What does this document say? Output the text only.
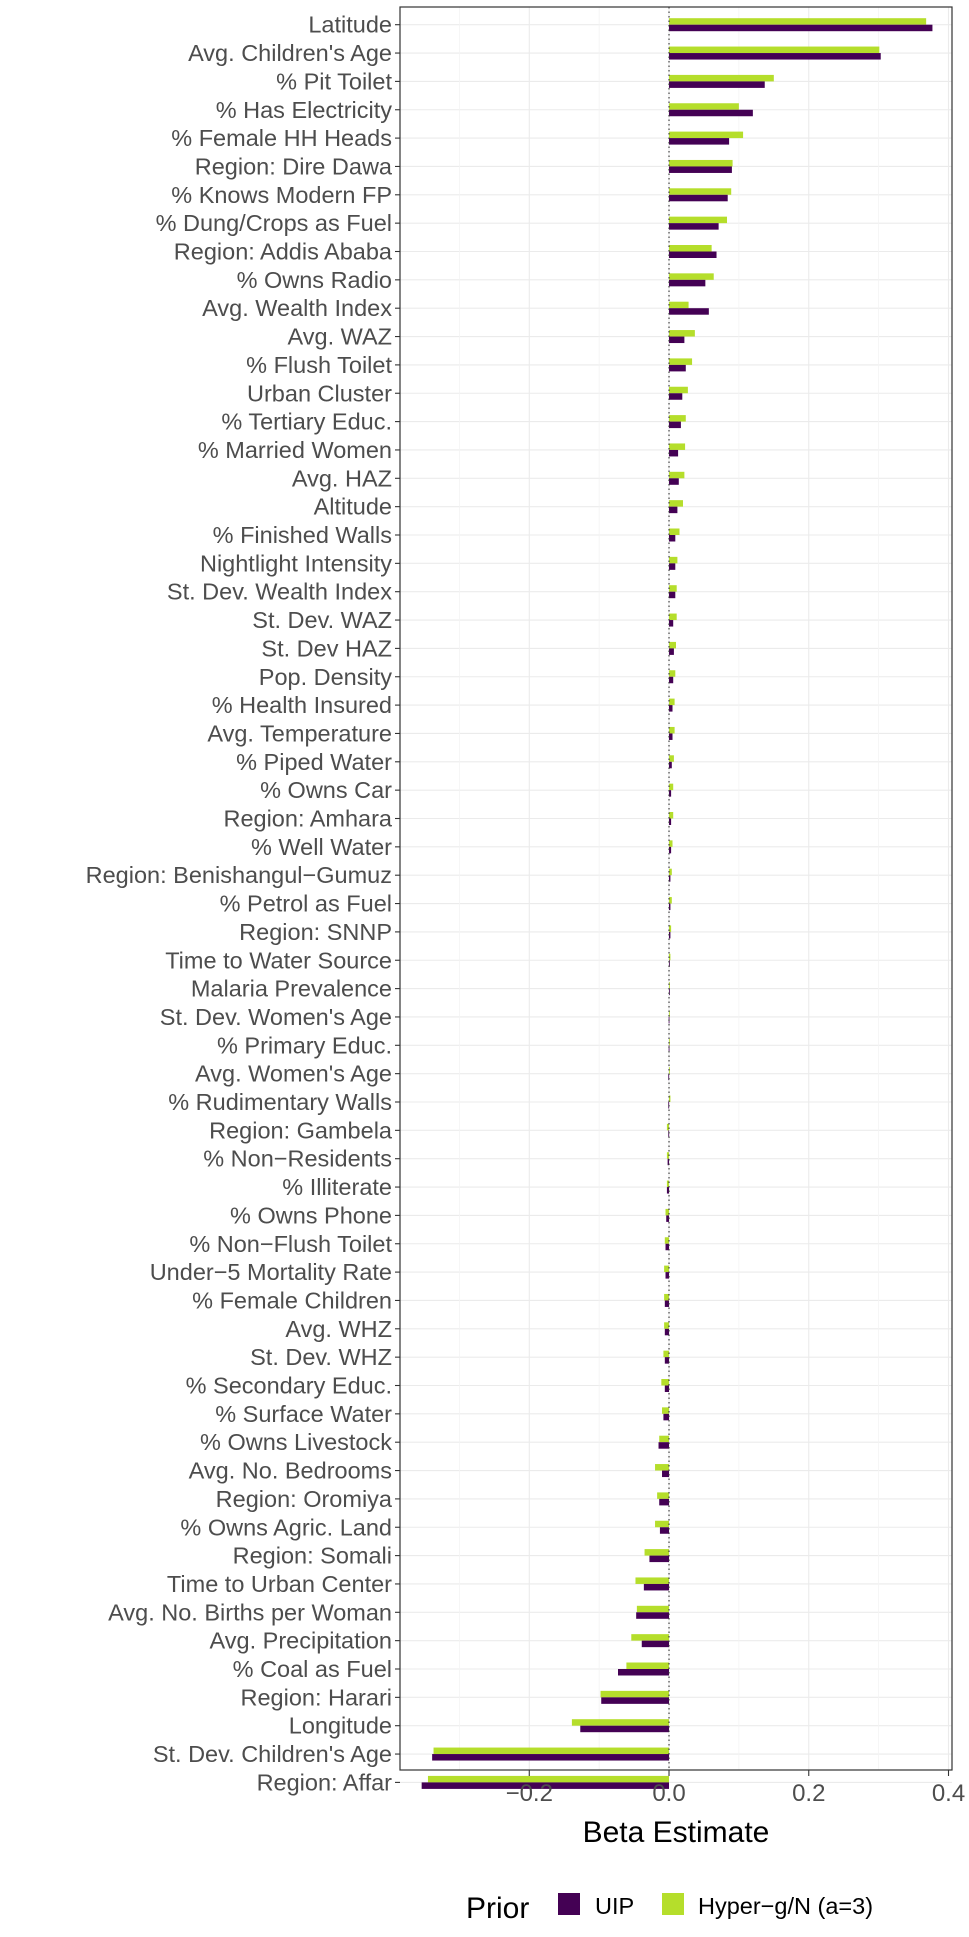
Latitude
Avg. Children's Age
% Pit Toilet
% Has Electricity
% Female HH Heads
Region: Dire Dawa
% Knows Modern FP
% Dung/Crops as Fuel
Region: Addis Ababa
% Owns Radio
Avg. Wealth Index
Avg. WAZ
% Flush Toilet
Urban Cluster
% Tertiary Educ.
% Married Women
Avg. HAZ
Altitude
% Finished Walls
Nightlight Intensity
St. Dev. Wealth Index
St. Dev. WAZ
St. Dev HAZ
Pop. Density
% Health Insured
Avg. Temperature
% Piped Water
% Owns Car
Region: Amhara
% Well Water
Region: Benishangul−Gumuz
% Petrol as Fuel
Region: SNNP
Time to Water Source
Malaria Prevalence
St. Dev. Women's Age
% Primary Educ.
Avg. Women's Age
% Rudimentary Walls
Region: Gambela
% Non−Residents
% Illiterate
% Owns Phone
% Non−Flush Toilet
Under−5 Mortality Rate
% Female Children
Avg. WHZ
St. Dev. WHZ
% Secondary Educ.
% Surface Water
% Owns Livestock
Avg. No. Bedrooms
Region: Oromiya
% Owns Agric. Land
Region: Somali
Time to Urban Center
Avg. No. Births per Woman
Avg. Precipitation
% Coal as Fuel
Region: Harari
Longitude
St. Dev. Children's Age
Region: Affar	−0.2	0.0	0.2	0.4
Beta Estimate
Prior	UIP	Hyper−g/N (a=3)
